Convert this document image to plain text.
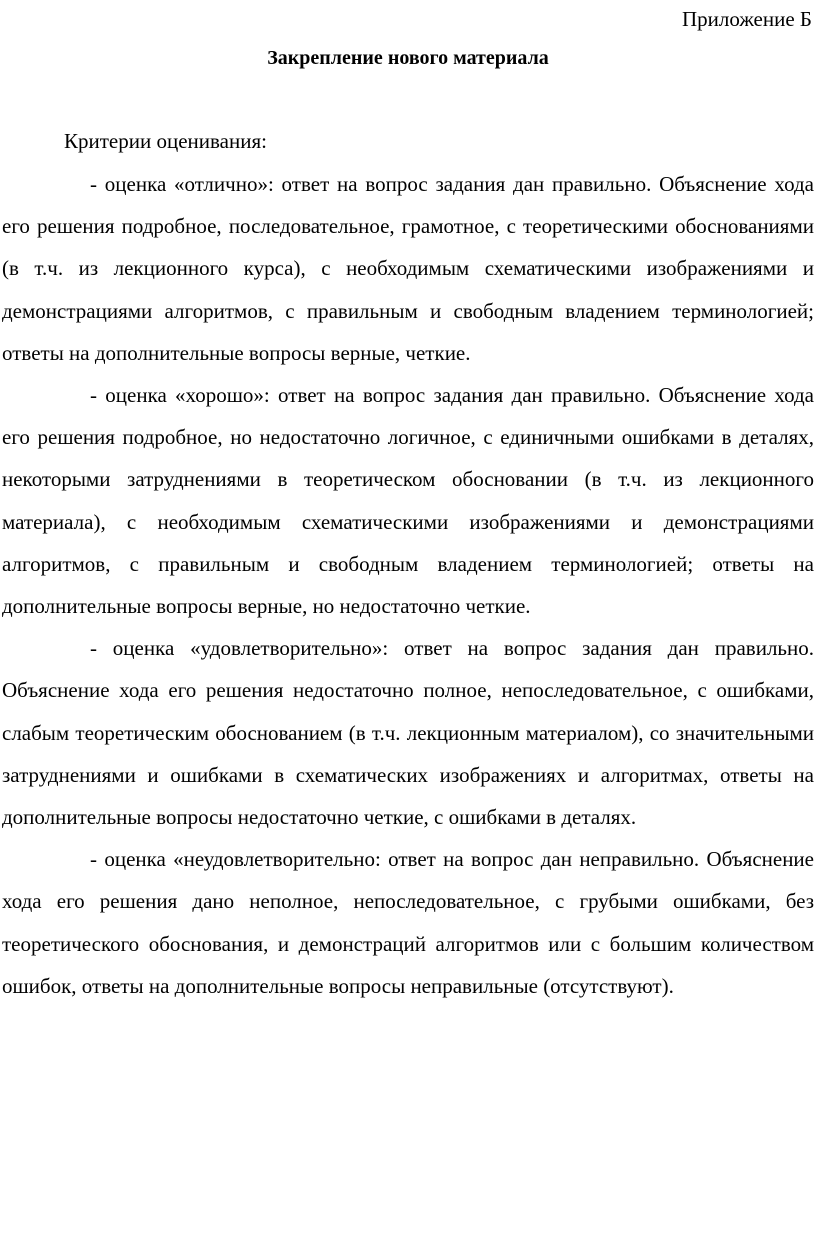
Приложение Б
Закрепление нового материала
Критерии оценивания:

- оценка «отлично»: ответ на вопрос задания дан правильно. Объяснение хода его решения подробное, последовательное, грамотное, с теоретическими обоснованиями (в т.ч. из лекционного курса), с необходимым схематическими изображениями и демонстрациями алгоритмов, с правильным и свободным владением терминологией; ответы на дополнительные вопросы верные, четкие.

- оценка «хорошо»: ответ на вопрос задания дан правильно. Объяснение хода его решения подробное, но недостаточно логичное, с единичными ошибками в деталях, некоторыми затруднениями в теоретическом обосновании (в т.ч. из лекционного материала), с необходимым схематическими изображениями и демонстрациями алгоритмов, с правильным и свободным владением терминологией; ответы на дополнительные вопросы верные, но недостаточно четкие.

- оценка «удовлетворительно»: ответ на вопрос задания дан правильно. Объяснение хода его решения недостаточно полное, непоследовательное, с ошибками, слабым теоретическим обоснованием (в т.ч. лекционным материалом), со значительными затруднениями и ошибками в схематических изображениях и алгоритмах, ответы на дополнительные вопросы недостаточно четкие, с ошибками в деталях.

- оценка «неудовлетворительно: ответ на вопрос дан неправильно. Объяснение хода его решения дано неполное, непоследовательное, с грубыми ошибками, без теоретического обоснования, и демонстраций алгоритмов или с большим количеством ошибок, ответы на дополнительные вопросы неправильные (отсутствуют).
